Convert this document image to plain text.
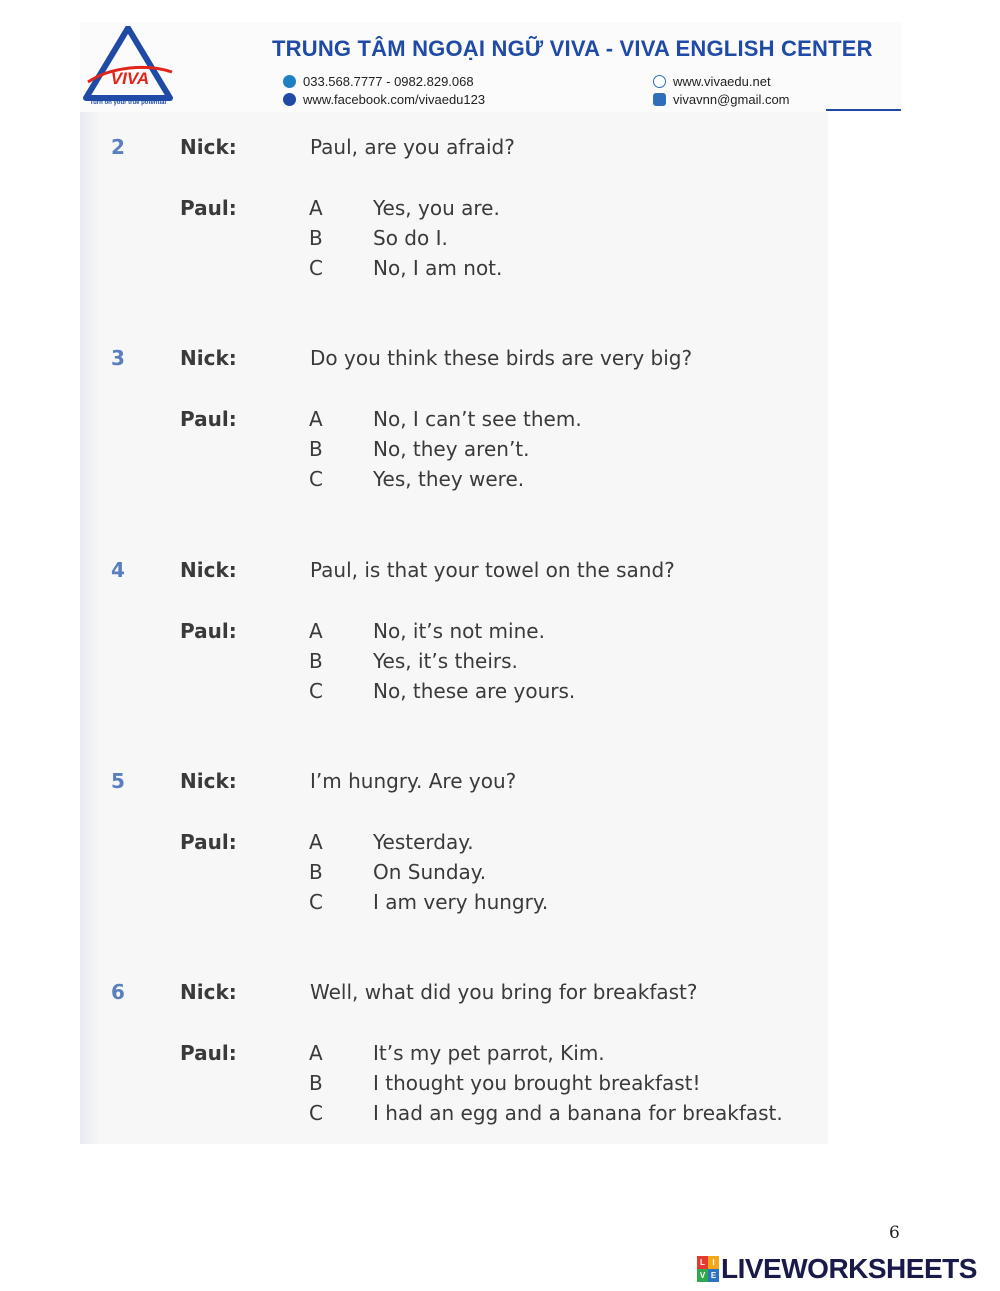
VIVA
Turn on your true potential
TRUNG TÂM NGOẠI NGỮ VIVA - VIVA ENGLISH CENTER
033.568.7777 - 0982.829.068
www.facebook.com/vivaedu123
www.vivaedu.net
vivavnn@gmail.com
2	Nick:	Paul, are you afraid?
Paul:	A	Yes, you are.
B	So do I.
C	No, I am not.
3	Nick:	Do you think these birds are very big?
Paul:	A	No, I can’t see them.
B	No, they aren’t.
C	Yes, they were.
4	Nick:	Paul, is that your towel on the sand?
Paul:	A	No, it’s not mine.
B	Yes, it’s theirs.
C	No, these are yours.
5	Nick:	I’m hungry. Are you?
Paul:	A	Yesterday.
B	On Sunday.
C	I am very hungry.
6	Nick:	Well, what did you bring for breakfast?
Paul:	A	It’s my pet parrot, Kim.
B	I thought you brought breakfast!
C	I had an egg and a banana for breakfast.
6
L I
V E LIVEWORKSHEETS
